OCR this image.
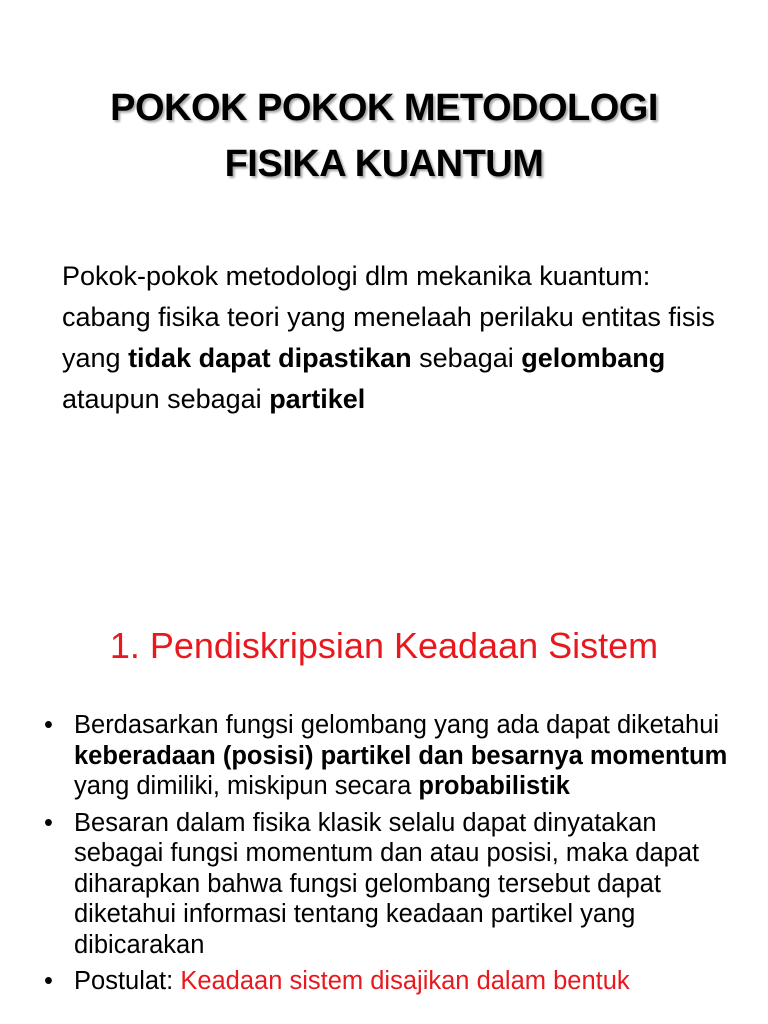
POKOK POKOK METODOLOGI
FISIKA KUANTUM

Pokok-pokok metodologi dlm mekanika kuantum: cabang fisika teori yang menelaah perilaku entitas fisis yang tidak dapat dipastikan sebagai gelombang ataupun sebagai partikel

1. Pendiskripsian Keadaan Sistem
• Berdasarkan fungsi gelombang yang ada dapat diketahui keberadaan (posisi) partikel dan besarnya momentum yang dimiliki, miskipun secara probabilistik
• Besaran dalam fisika klasik selalu dapat dinyatakan sebagai fungsi momentum dan atau posisi, maka dapat diharapkan bahwa fungsi gelombang tersebut dapat diketahui informasi tentang keadaan partikel yang dibicarakan
• Postulat: Keadaan sistem disajikan dalam bentuk
